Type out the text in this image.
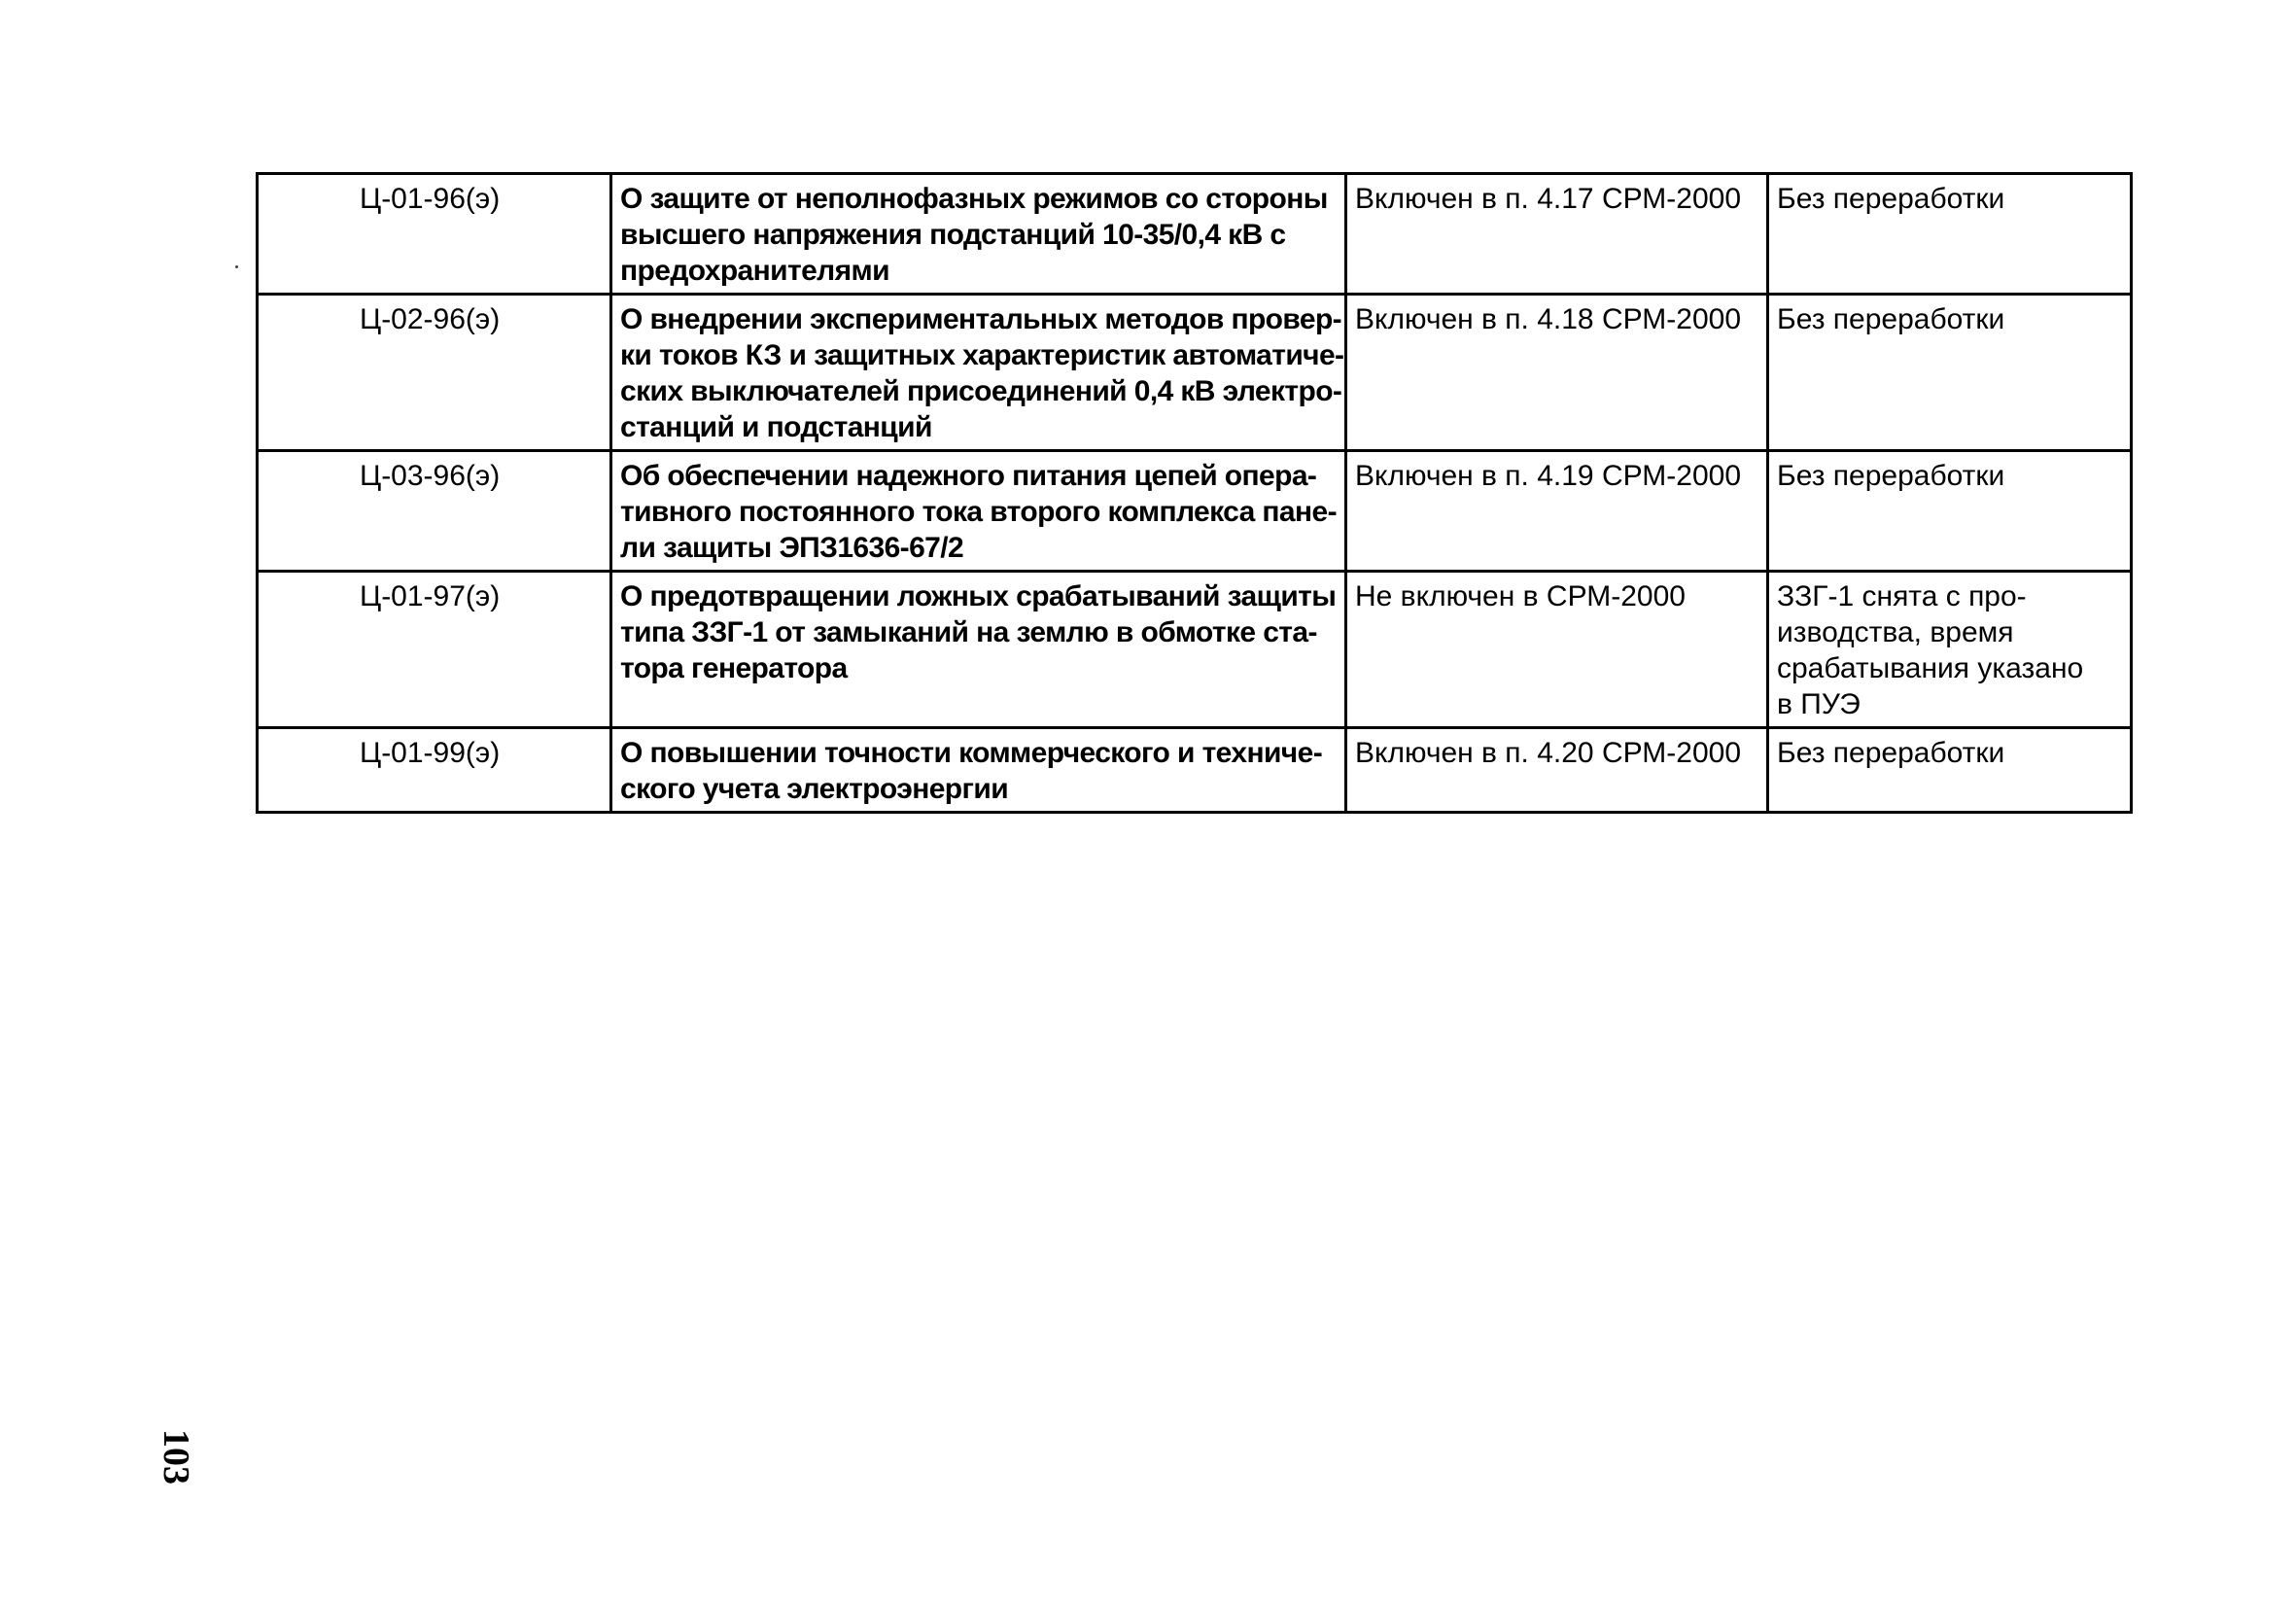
Ц-01-96(э)	О защите от неполнофазных режимов со стороны
высшего напряжения подстанций 10-35/0,4 кВ с
предохранителями	Включен в п. 4.17 СРМ-2000	Без переработки

Ц-02-96(э)	О внедрении экспериментальных методов провер-
ки токов КЗ и защитных характеристик автоматиче-
ских выключателей присоединений 0,4 кВ электро-
станций и подстанций	Включен в п. 4.18 СРМ-2000	Без переработки

Ц-03-96(э)	Об обеспечении надежного питания цепей опера-
тивного постоянного тока второго комплекса пане-
ли защиты ЭПЗ1636-67/2	Включен в п. 4.19 СРМ-2000	Без переработки

Ц-01-97(э)	О предотвращении ложных срабатываний защиты
типа ЗЗГ-1 от замыканий на землю в обмотке ста-
тора генератора	Не включен в СРМ-2000	ЗЗГ-1 снята с про-
изводства, время
срабатывания указано
в ПУЭ

Ц-01-99(э)	О повышении точности коммерческого и техниче-
ского учета электроэнергии	Включен в п. 4.20 СРМ-2000	Без переработки
103
